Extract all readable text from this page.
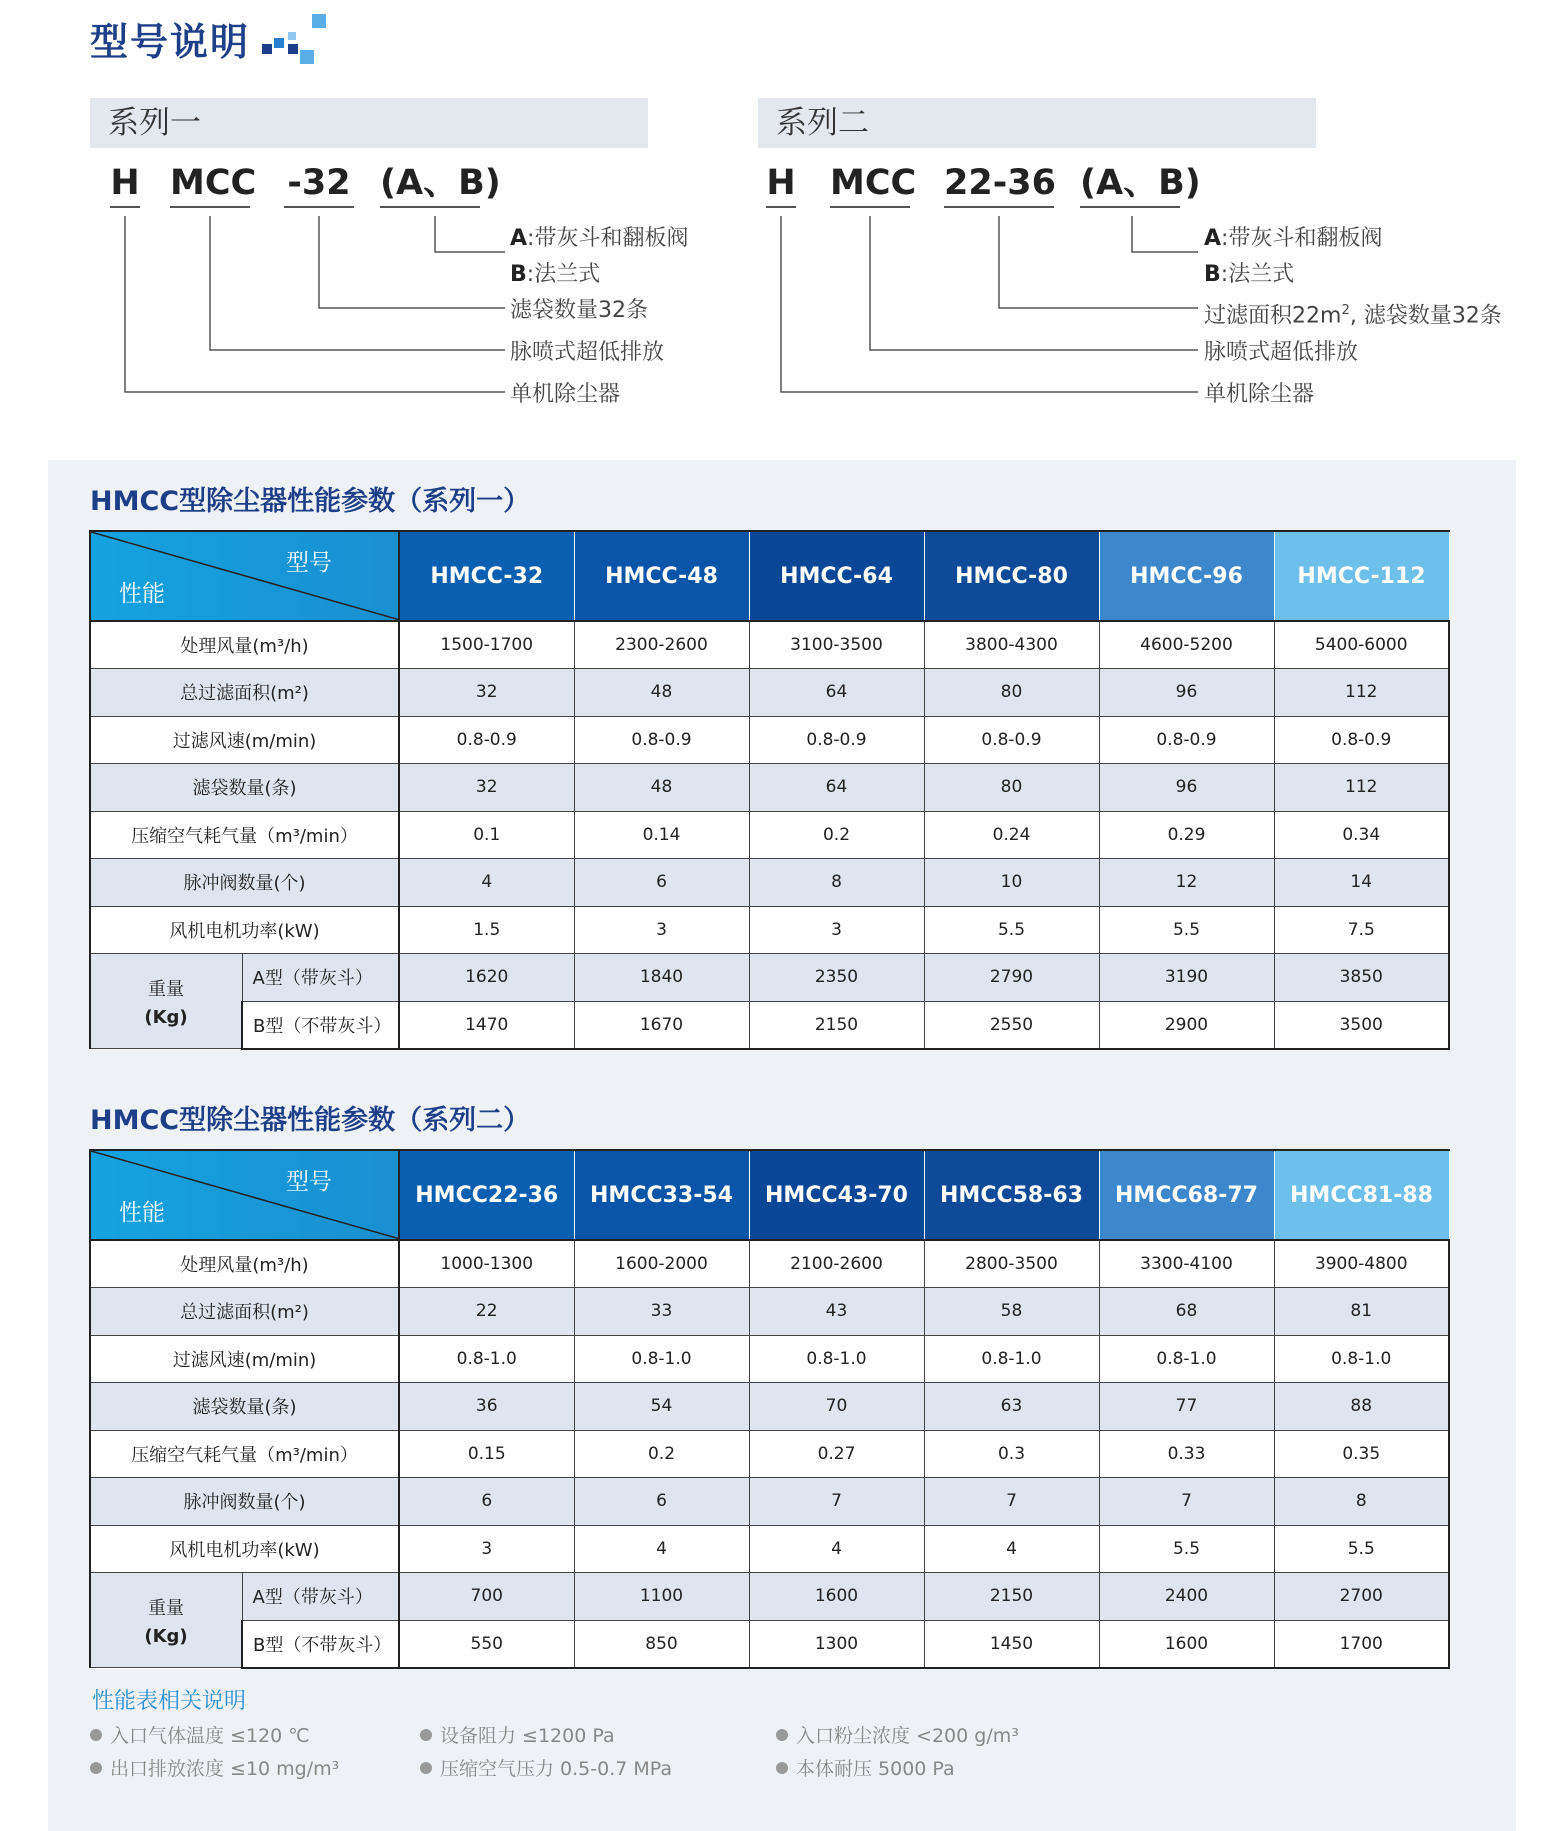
型号说明
系列一
H MCC -32 (A、B)
A:带灰斗和翻板阀
B:法兰式
滤袋数量32条
脉喷式超低排放
单机除尘器
系列二
H MCC 22-36 (A、B)
A:带灰斗和翻板阀
B:法兰式
过滤面积$22m^2$, 滤袋数量32条
脉喷式超低排放
单机除尘器
HMCC型除尘器性能参数（系列一）
型号
性能		HMCC-32	HMCC-48	HMCC-64	HMCC-80	HMCC-96	HMCC-112
处理风量(m³/h)		1500-1700	2300-2600	3100-3500	3800-4300	4600-5200	5400-6000
总过滤面积(m²)		32	48	64	80	96	112
过滤风速(m/min)		0.8-0.9	0.8-0.9	0.8-0.9	0.8-0.9	0.8-0.9	0.8-0.9
滤袋数量(条)		32	48	64	80	96	112
压缩空气耗气量（m³/min）		0.1	0.14	0.2	0.24	0.29	0.34
脉冲阀数量(个)		4	6	8	10	12	14
风机电机功率(kW)		1.5	3	3	5.5	5.5	7.5

重量
(Kg)	A型（带灰斗）	1620	1840	2350	2790	3190	3850
	B型（不带灰斗）	1470	1670	2150	2550	2900	3500
HMCC型除尘器性能参数（系列二）
型号
性能		HMCC22-36	HMCC33-54	HMCC43-70	HMCC58-63	HMCC68-77	HMCC81-88
处理风量(m³/h)		1000-1300	1600-2000	2100-2600	2800-3500	3300-4100	3900-4800
总过滤面积(m²)		22	33	43	58	68	81
过滤风速(m/min)		0.8-1.0	0.8-1.0	0.8-1.0	0.8-1.0	0.8-1.0	0.8-1.0
滤袋数量(条)		36	54	70	63	77	88
压缩空气耗气量（m³/min）		0.15	0.2	0.27	0.3	0.33	0.35
脉冲阀数量(个)		6	6	7	7	7	8
风机电机功率(kW)		3	4	4	4	5.5	5.5

重量
(Kg)	A型（带灰斗）	700	1100	1600	2150	2400	2700
	B型（不带灰斗）	550	850	1300	1450	1600	1700
性能表相关说明
入口气体温度 ≤120 ℃	设备阻力 ≤1200 Pa	入口粉尘浓度 <200 g/m³
出口排放浓度 ≤10 mg/m³	压缩空气压力 0.5-0.7 MPa	本体耐压 5000 Pa
